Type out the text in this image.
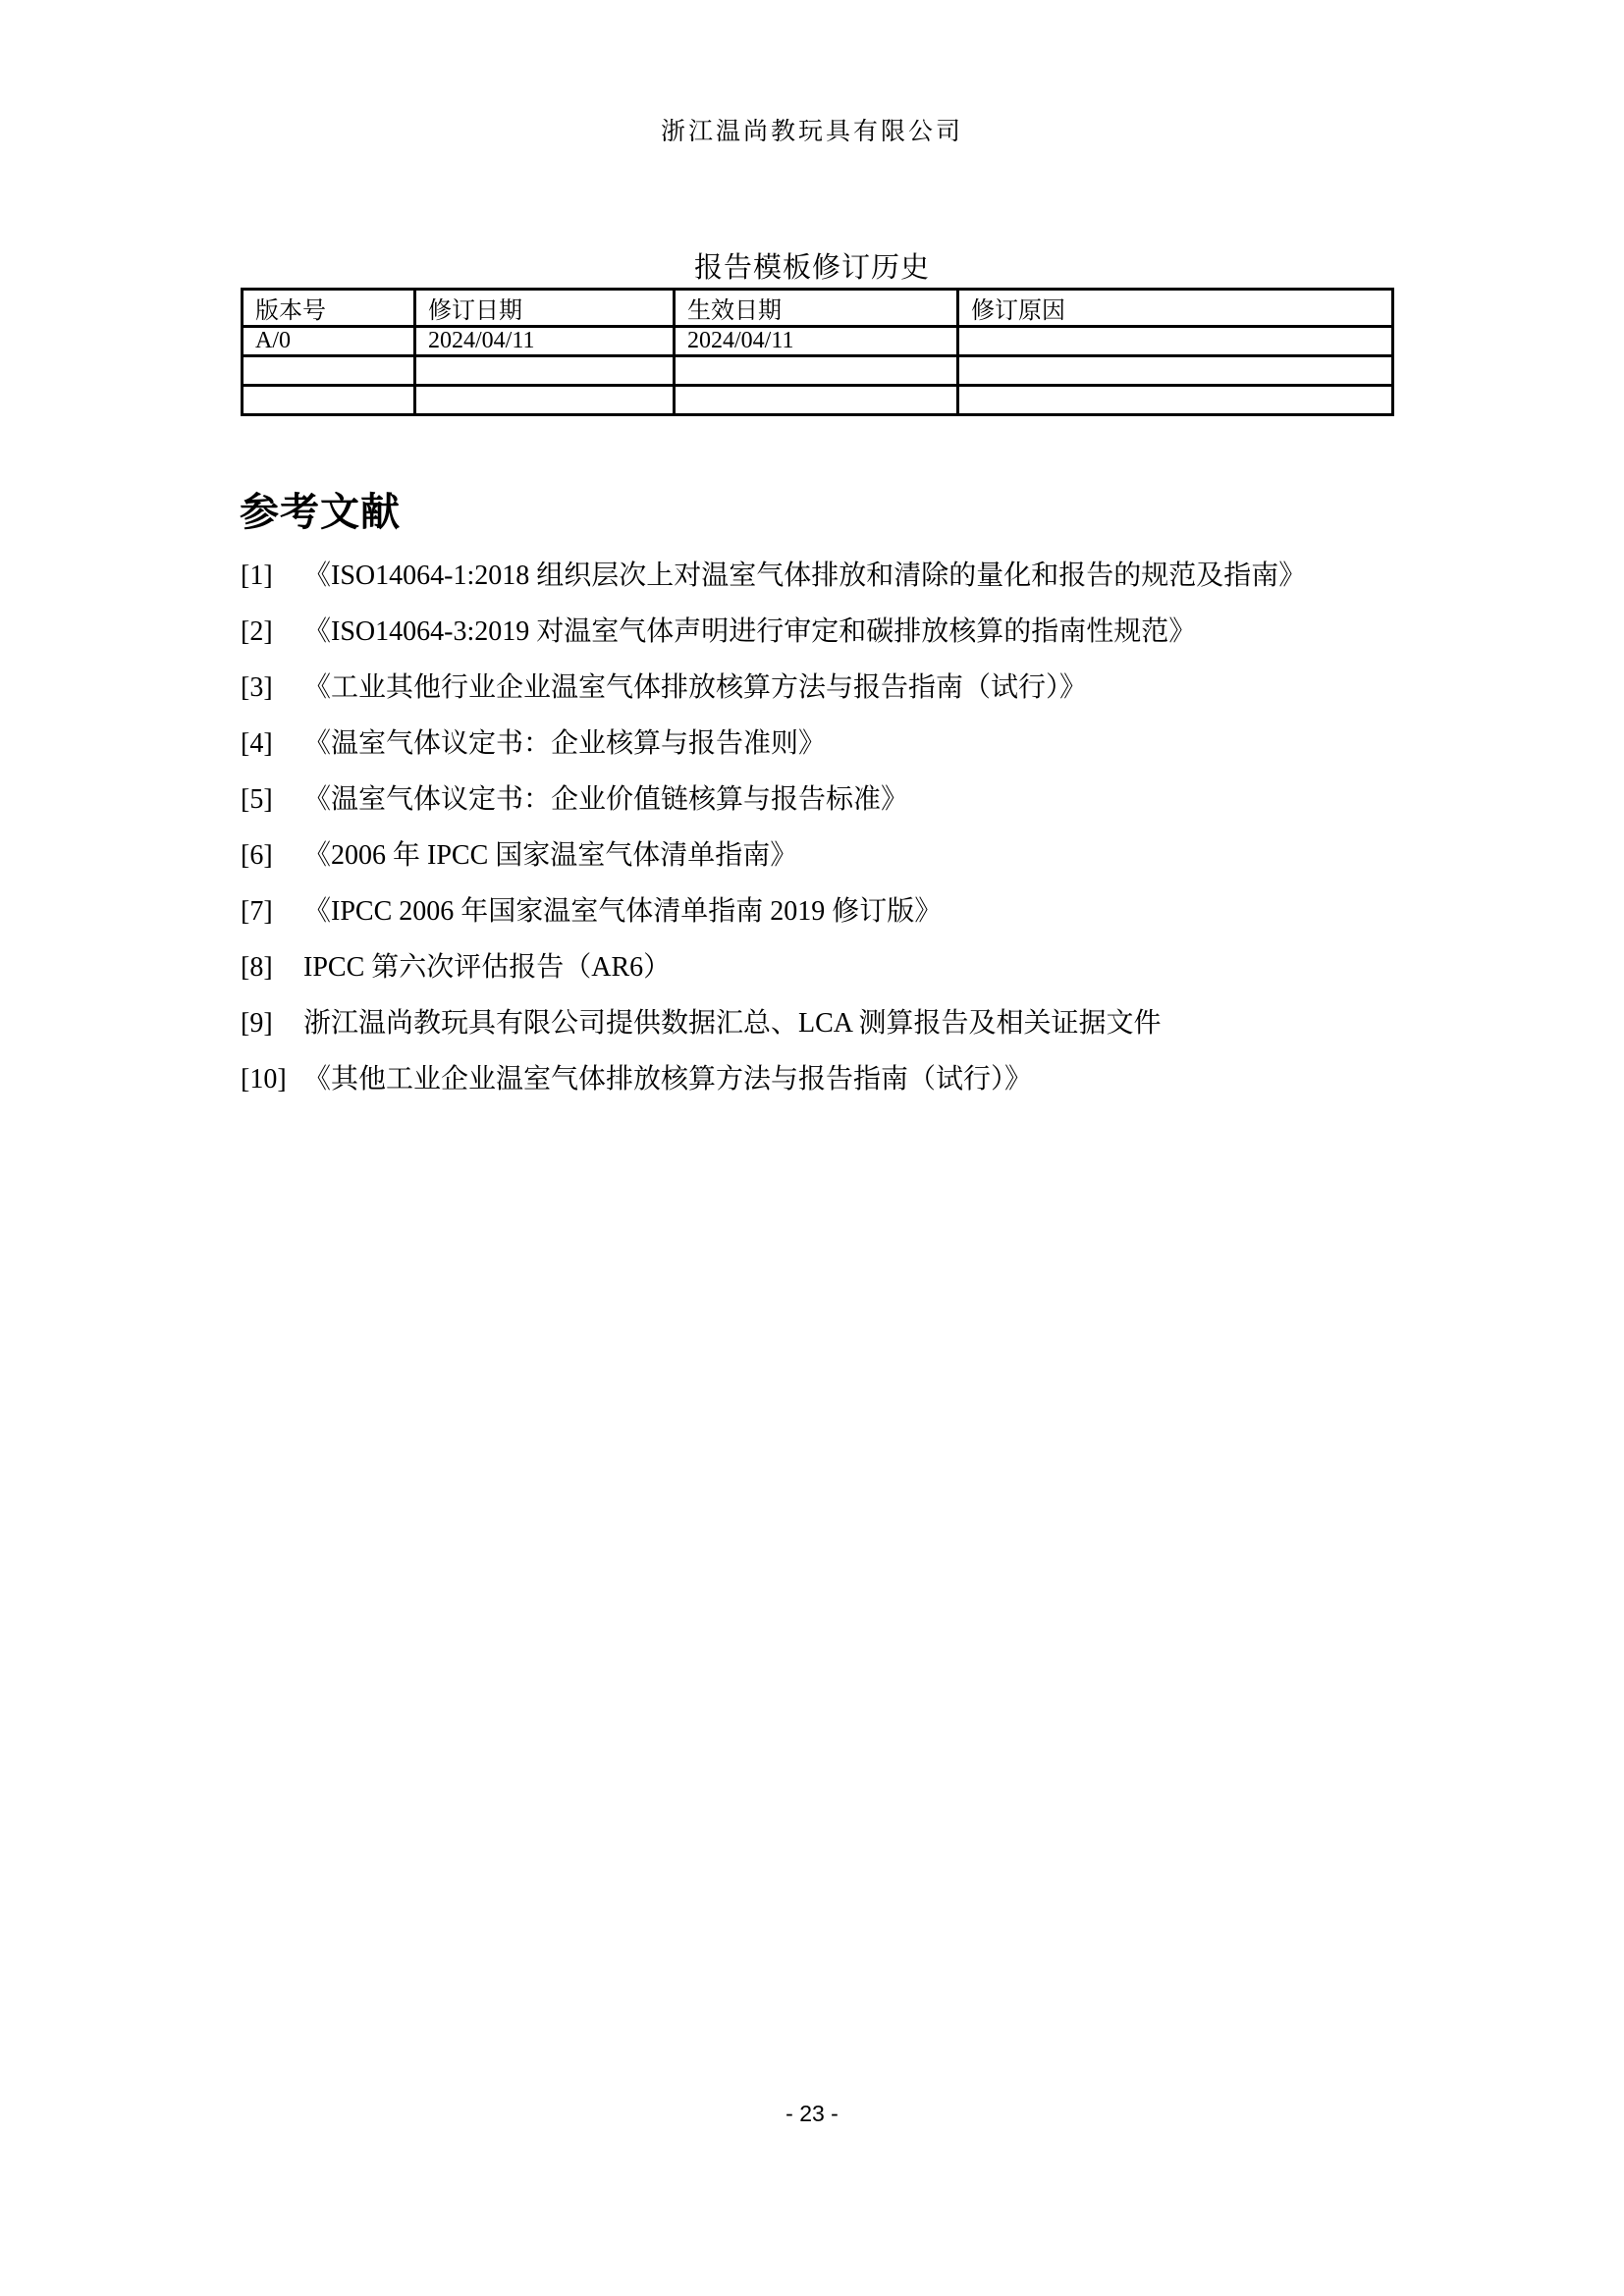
浙江温尚教玩具有限公司
报告模板修订历史
版本号	修订日期	生效日期	修订原因
A/0	2024/04/11	2024/04/11	

参考文献
[1]	《ISO14064-1:2018 组织层次上对温室气体排放和清除的量化和报告的规范及指南》
[2]	《ISO14064-3:2019 对温室气体声明进行审定和碳排放核算的指南性规范》
[3]	《工业其他行业企业温室气体排放核算方法与报告指南（试行）》
[4]	《温室气体议定书：企业核算与报告准则》
[5]	《温室气体议定书：企业价值链核算与报告标准》
[6]	《2006 年 IPCC 国家温室气体清单指南》
[7]	《IPCC 2006 年国家温室气体清单指南 2019 修订版》
[8]	IPCC 第六次评估报告（AR6）
[9]	浙江温尚教玩具有限公司提供数据汇总、LCA 测算报告及相关证据文件
[10] 《其他工业企业温室气体排放核算方法与报告指南（试行）》
- 23 -
